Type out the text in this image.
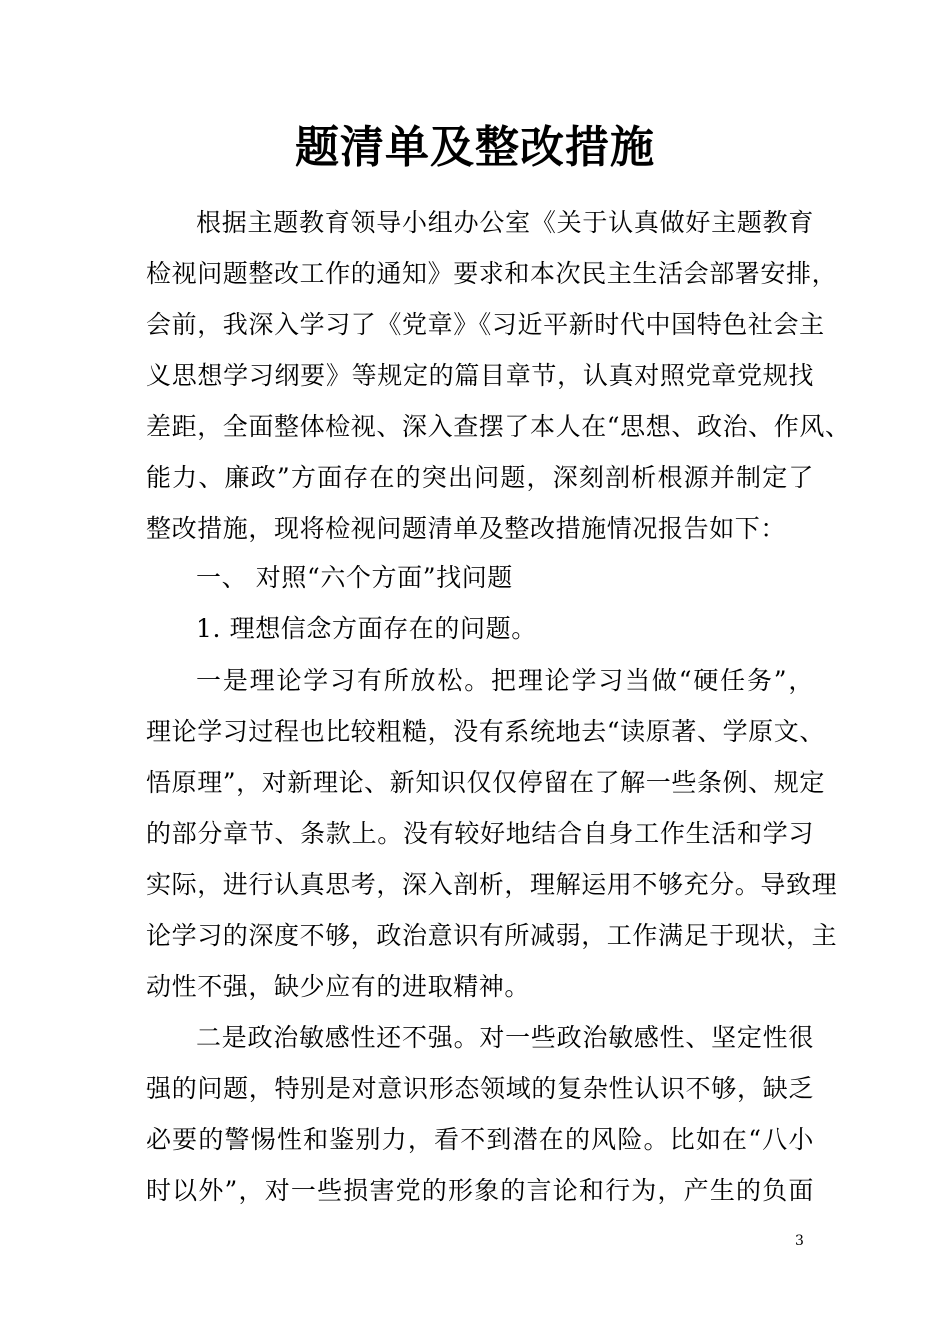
题清单及整改措施
根据主题教育领导小组办公室《关于认真做好主题教育
检视问题整改工作的通知》要求和本次民主生活会部署安排，
会前，我深入学习了《党章》《习近平新时代中国特色社会主
义思想学习纲要》等规定的篇目章节，认真对照党章党规找
差距，全面整体检视、深入查摆了本人在“思想、政治、作风、
能力、廉政”方面存在的突出问题，深刻剖析根源并制定了
整改措施，现将检视问题清单及整改措施情况报告如下：
一、 对照“六个方面”找问题
1. 理想信念方面存在的问题。
一是理论学习有所放松。把理论学习当做“硬任务”，
理论学习过程也比较粗糙，没有系统地去“读原著、学原文、
悟原理”，对新理论、新知识仅仅停留在了解一些条例、规定
的部分章节、条款上。没有较好地结合自身工作生活和学习
实际，进行认真思考，深入剖析，理解运用不够充分。导致理
论学习的深度不够，政治意识有所减弱，工作满足于现状，主
动性不强，缺少应有的进取精神。
二是政治敏感性还不强。对一些政治敏感性、坚定性很
强的问题，特别是对意识形态领域的复杂性认识不够，缺乏
必要的警惕性和鉴别力，看不到潜在的风险。比如在“八小
时以外”，对一些损害党的形象的言论和行为，产生的负面
3
